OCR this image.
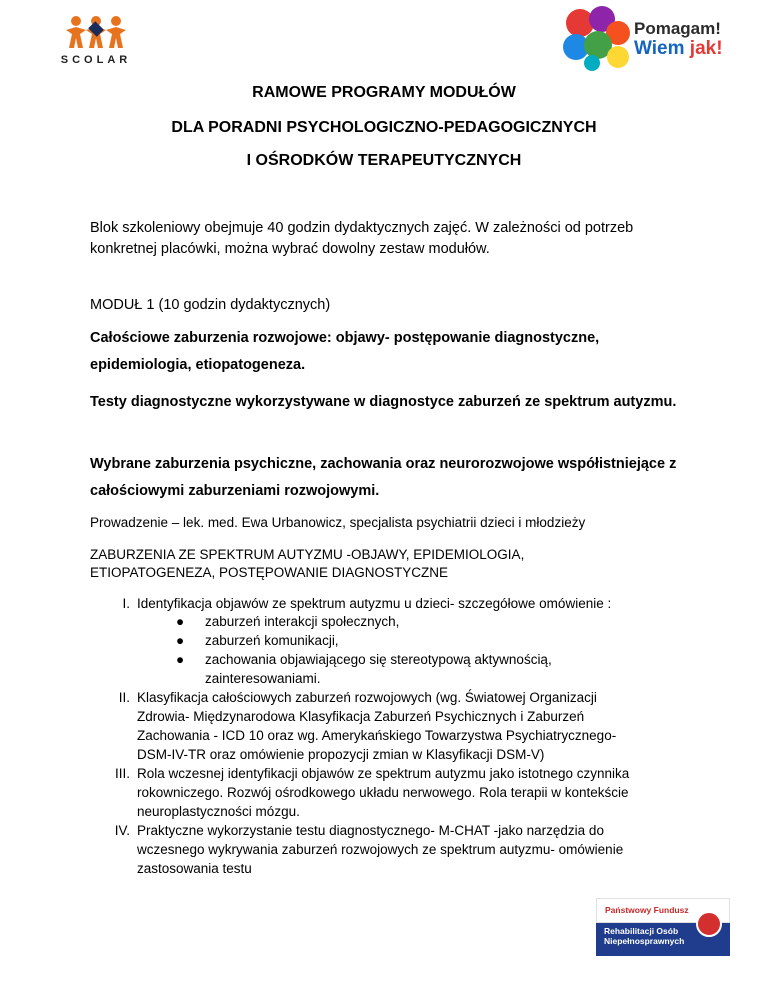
SCOLAR
Pomagam!
Wiem jak!
RAMOWE PROGRAMY MODUŁÓW
DLA PORADNI PSYCHOLOGICZNO-PEDAGOGICZNYCH
I OŚRODKÓW TERAPEUTYCZNYCH
Blok szkoleniowy obejmuje 40 godzin dydaktycznych zajęć. W zależności od potrzeb konkretnej placówki, można wybrać dowolny zestaw modułów.
MODUŁ 1 (10 godzin dydaktycznych)
Całościowe zaburzenia rozwojowe: objawy- postępowanie diagnostyczne, epidemiologia, etiopatogeneza.
Testy diagnostyczne wykorzystywane w diagnostyce zaburzeń ze spektrum autyzmu.
Wybrane zaburzenia psychiczne, zachowania oraz neurorozwojowe współistniejące z całościowymi zaburzeniami rozwojowymi.
Prowadzenie – lek. med. Ewa Urbanowicz, specjalista psychiatrii dzieci i młodzieży
ZABURZENIA ZE SPEKTRUM AUTYZMU -OBJAWY, EPIDEMIOLOGIA, ETIOPATOGENEZA, POSTĘPOWANIE DIAGNOSTYCZNE
I. Identyfikacja objawów ze spektrum autyzmu u dzieci- szczegółowe omówienie :
● zaburzeń interakcji społecznych,
● zaburzeń komunikacji,
● zachowania objawiającego się stereotypową aktywnością, zainteresowaniami.
II. Klasyfikacja całościowych zaburzeń rozwojowych (wg. Światowej Organizacji Zdrowia- Międzynarodowa Klasyfikacja Zaburzeń Psychicznych i Zaburzeń Zachowania - ICD 10 oraz wg. Amerykańskiego Towarzystwa Psychiatrycznego- DSM-IV-TR oraz omówienie propozycji zmian w Klasyfikacji DSM-V)
III. Rola wczesnej identyfikacji objawów ze spektrum autyzmu jako istotnego czynnika rokowniczego. Rozwój ośrodkowego układu nerwowego. Rola terapii w kontekście neuroplastyczności mózgu.
IV. Praktyczne wykorzystanie testu diagnostycznego- M-CHAT -jako narzędzia do wczesnego wykrywania zaburzeń rozwojowych ze spektrum autyzmu- omówienie zastosowania testu
Państwowy Fundusz
Rehabilitacji Osób Niepełnosprawnych
